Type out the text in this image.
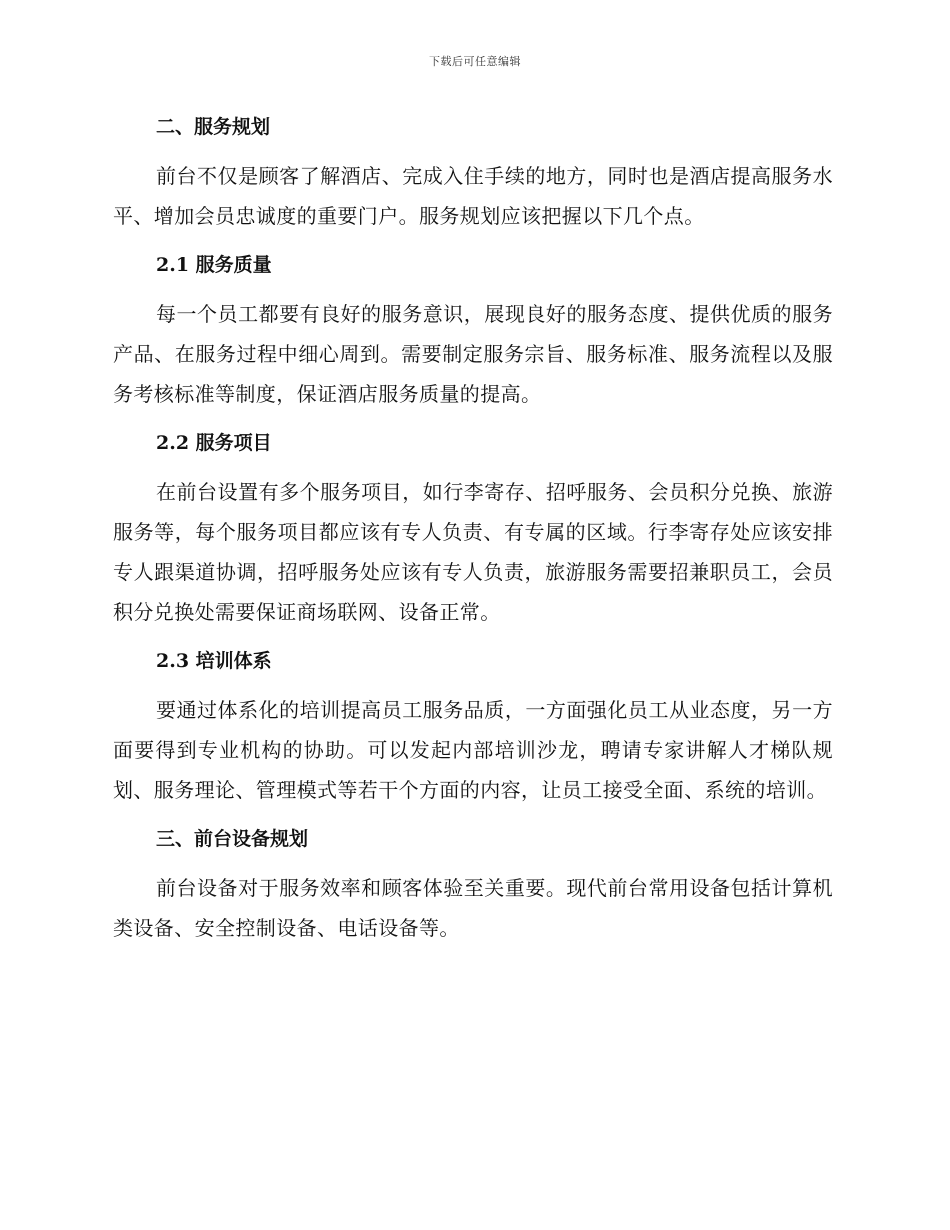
下载后可任意编辑
二、服务规划

前台不仅是顾客了解酒店、完成入住手续的地方，同时也是酒店提高服务水平、增加会员忠诚度的重要门户。服务规划应该把握以下几个点。

2.1 服务质量

每一个员工都要有良好的服务意识，展现良好的服务态度、提供优质的服务产品、在服务过程中细心周到。需要制定服务宗旨、服务标准、服务流程以及服务考核标准等制度，保证酒店服务质量的提高。

2.2 服务项目

在前台设置有多个服务项目，如行李寄存、招呼服务、会员积分兑换、旅游服务等，每个服务项目都应该有专人负责、有专属的区域。行李寄存处应该安排专人跟渠道协调，招呼服务处应该有专人负责，旅游服务需要招兼职员工，会员积分兑换处需要保证商场联网、设备正常。

2.3 培训体系

要通过体系化的培训提高员工服务品质，一方面强化员工从业态度，另一方面要得到专业机构的协助。可以发起内部培训沙龙，聘请专家讲解人才梯队规划、服务理论、管理模式等若干个方面的内容，让员工接受全面、系统的培训。

三、前台设备规划

前台设备对于服务效率和顾客体验至关重要。现代前台常用设备包括计算机类设备、安全控制设备、电话设备等。
